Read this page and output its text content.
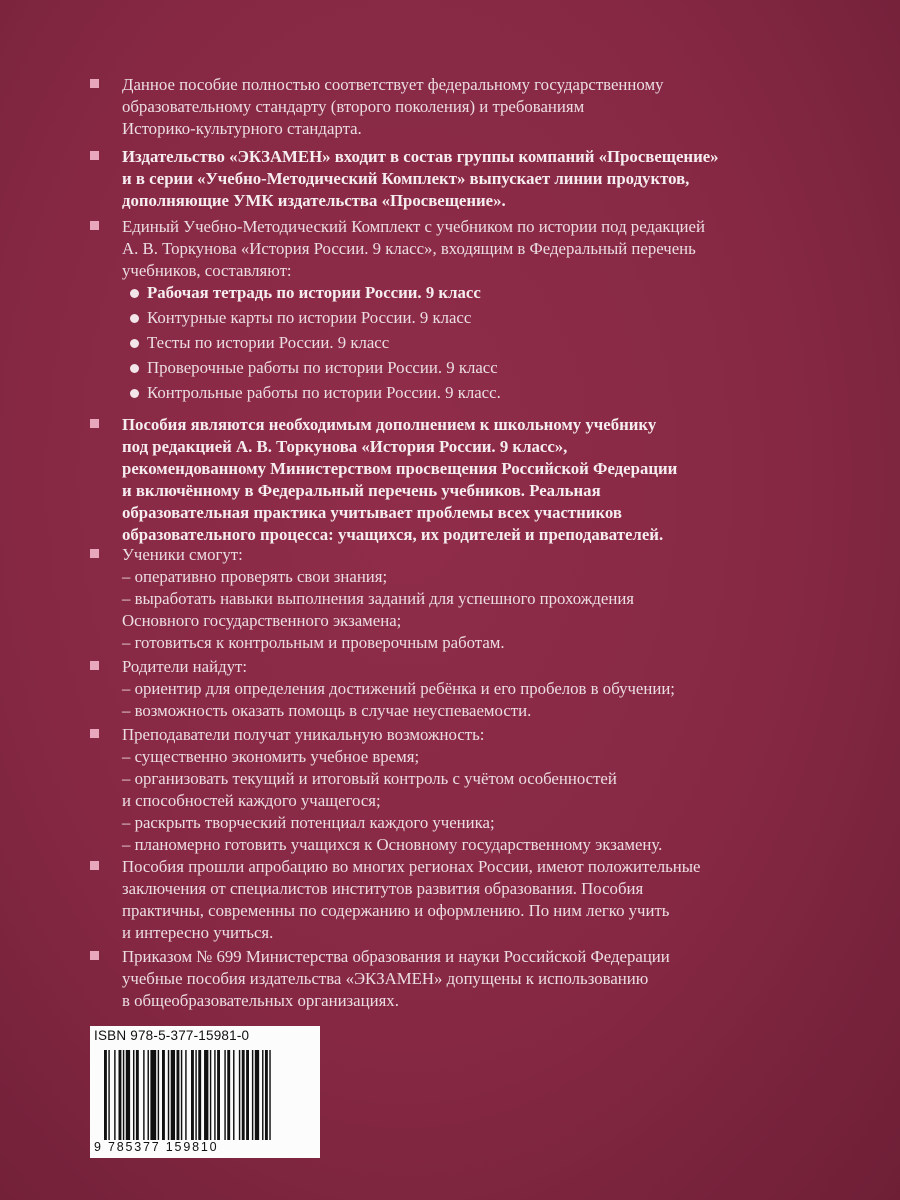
Данное пособие полностью соответствует федеральному государственному

образовательному стандарту (второго поколения) и требованиям

Историко-культурного стандарта.

Издательство «ЭКЗАМЕН» входит в состав группы компаний «Просвещение»

и в серии «Учебно-Методический Комплект» выпускает линии продуктов,

дополняющие УМК издательства «Просвещение».

Единый Учебно-Методический Комплект с учебником по истории под редакцией

А. В. Торкунова «История России. 9 класс», входящим в Федеральный перечень

учебников, составляют:

Рабочая тетрадь по истории России. 9 класс
Контурные карты по истории России. 9 класс
Тесты по истории России. 9 класс
Проверочные работы по истории России. 9 класс
Контрольные работы по истории России. 9 класс.

Пособия являются необходимым дополнением к школьному учебнику

под редакцией А. В. Торкунова «История России. 9 класс»,

рекомендованному Министерством просвещения Российской Федерации

и включённому в Федеральный перечень учебников. Реальная

образовательная практика учитывает проблемы всех участников

образовательного процесса: учащихся, их родителей и преподавателей.

Ученики смогут:

– оперативно проверять свои знания;

– выработать навыки выполнения заданий для успешного прохождения

Основного государственного экзамена;

– готовиться к контрольным и проверочным работам.

Родители найдут:

– ориентир для определения достижений ребёнка и его пробелов в обучении;

– возможность оказать помощь в случае неуспеваемости.

Преподаватели получат уникальную возможность:

– существенно экономить учебное время;

– организовать текущий и итоговый контроль с учётом особенностей

и способностей каждого учащегося;

– раскрыть творческий потенциал каждого ученика;

– планомерно готовить учащихся к Основному государственному экзамену.

Пособия прошли апробацию во многих регионах России, имеют положительные

заключения от специалистов институтов развития образования. Пособия

практичны, современны по содержанию и оформлению. По ним легко учить

и интересно учиться.

Приказом № 699 Министерства образования и науки Российской Федерации

учебные пособия издательства «ЭКЗАМЕН» допущены к использованию

в общеобразовательных организациях.

ISBN 978-5-377-15981-0
9 785377 159810
